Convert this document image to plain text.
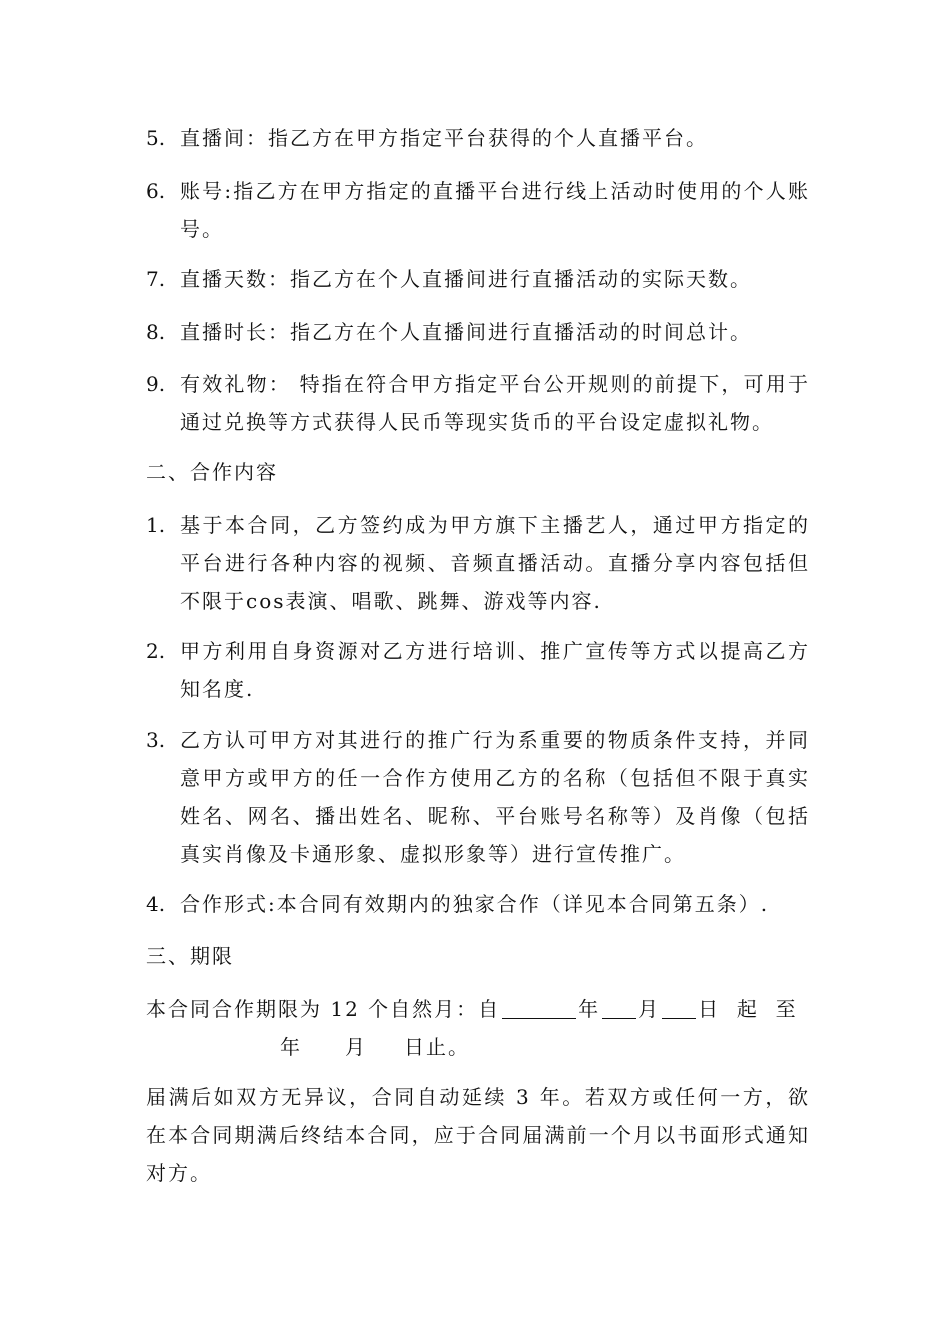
5. 直播间：指乙方在甲方指定平台获得的个人直播平台。
6. 账号:指乙方在甲方指定的直播平台进行线上活动时使用的个人账号。
7. 直播天数：指乙方在个人直播间进行直播活动的实际天数。
8. 直播时长：指乙方在个人直播间进行直播活动的时间总计。
9. 有效礼物： 特指在符合甲方指定平台公开规则的前提下，可用于通过兑换等方式获得人民币等现实货币的平台设定虚拟礼物。
二、合作内容
1. 基于本合同，乙方签约成为甲方旗下主播艺人，通过甲方指定的平台进行各种内容的视频、音频直播活动。直播分享内容包括但不限于cos表演、唱歌、跳舞、游戏等内容.
2. 甲方利用自身资源对乙方进行培训、推广宣传等方式以提高乙方知名度.
3. 乙方认可甲方对其进行的推广行为系重要的物质条件支持，并同意甲方或甲方的任一合作方使用乙方的名称（包括但不限于真实姓名、网名、播出姓名、昵称、平台账号名称等）及肖像（包括真实肖像及卡通形象、虚拟形象等）进行宣传推广。
4. 合作形式:本合同有效期内的独家合作（详见本合同第五条）.
三、期限
本合同合作期限为 12 个自然月：自	年 月 日 起 至
年 月 日止。
届满后如双方无异议，合同自动延续 3 年。若双方或任何一方，欲在本合同期满后终结本合同，应于合同届满前一个月以书面形式通知对方。
